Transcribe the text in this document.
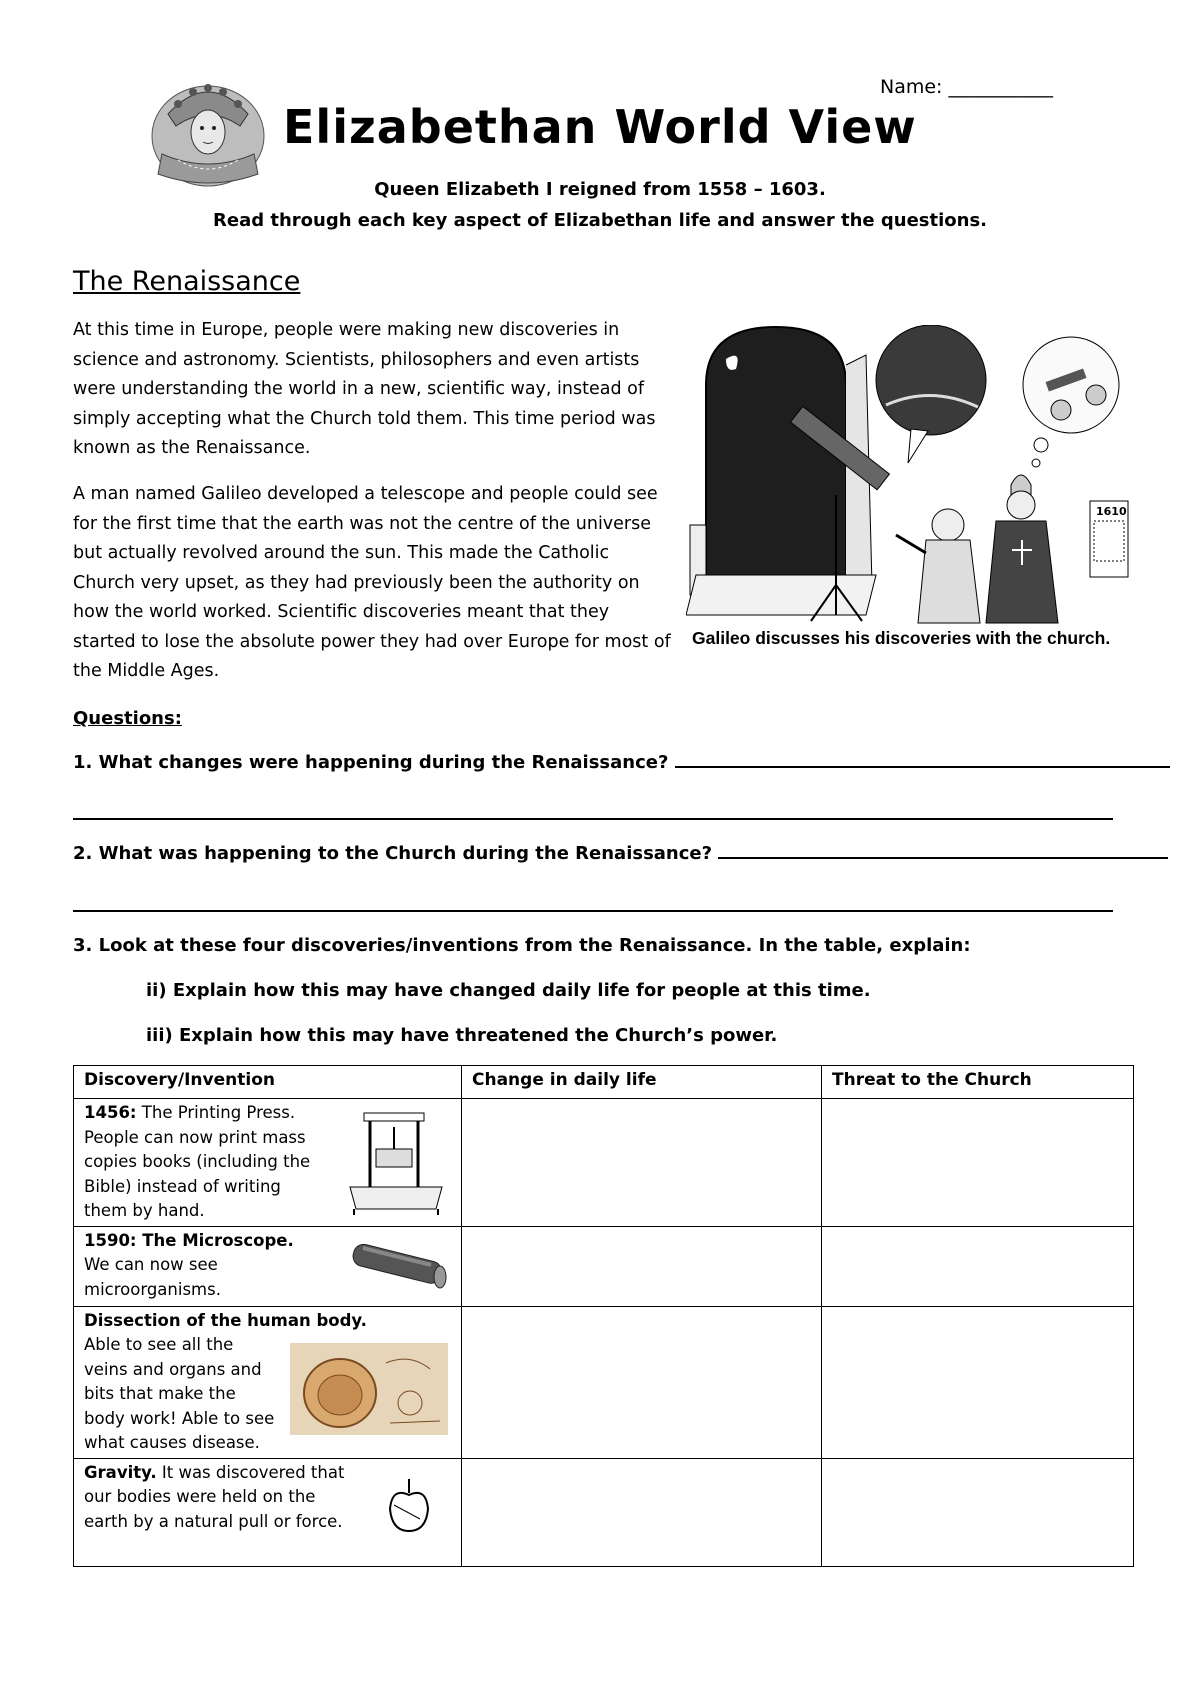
Name: ___________
Elizabethan World View
Queen Elizabeth I reigned from 1558 – 1603.
Read through each key aspect of Elizabethan life and answer the questions.
The Renaissance

At this time in Europe, people were making new discoveries in science and astronomy. Scientists, philosophers and even artists were understanding the world in a new, scientific way, instead of simply accepting what the Church told them. This time period was known as the Renaissance.

A man named Galileo developed a telescope and people could see for the first time that the earth was not the centre of the universe but actually revolved around the sun. This made the Catholic Church very upset, as they had previously been the authority on how the world worked. Scientific discoveries meant that they started to lose the absolute power they had over Europe for most of the Middle Ages.

1610
Galileo discusses his discoveries with the church.
Questions:
1. What changes were happening during the Renaissance?
2. What was happening to the Church during the Renaissance?
3. Look at these four discoveries/inventions from the Renaissance. In the table, explain:
ii) Explain how this may have changed daily life for people at this time.
iii) Explain how this may have threatened the Church’s power.
Discovery/Invention	Change in daily life	Threat to the Church

1456: The Printing Press. People can now print mass copies books (including the Bible) instead of writing them by hand.		

1590: The Microscope.
We can now see microorganisms.		

Dissection of the human body.
Able to see all the veins and organs and bits that make the body work! Able to see what causes disease.		

Gravity. It was discovered that our bodies were held on the earth by a natural pull or force.		
